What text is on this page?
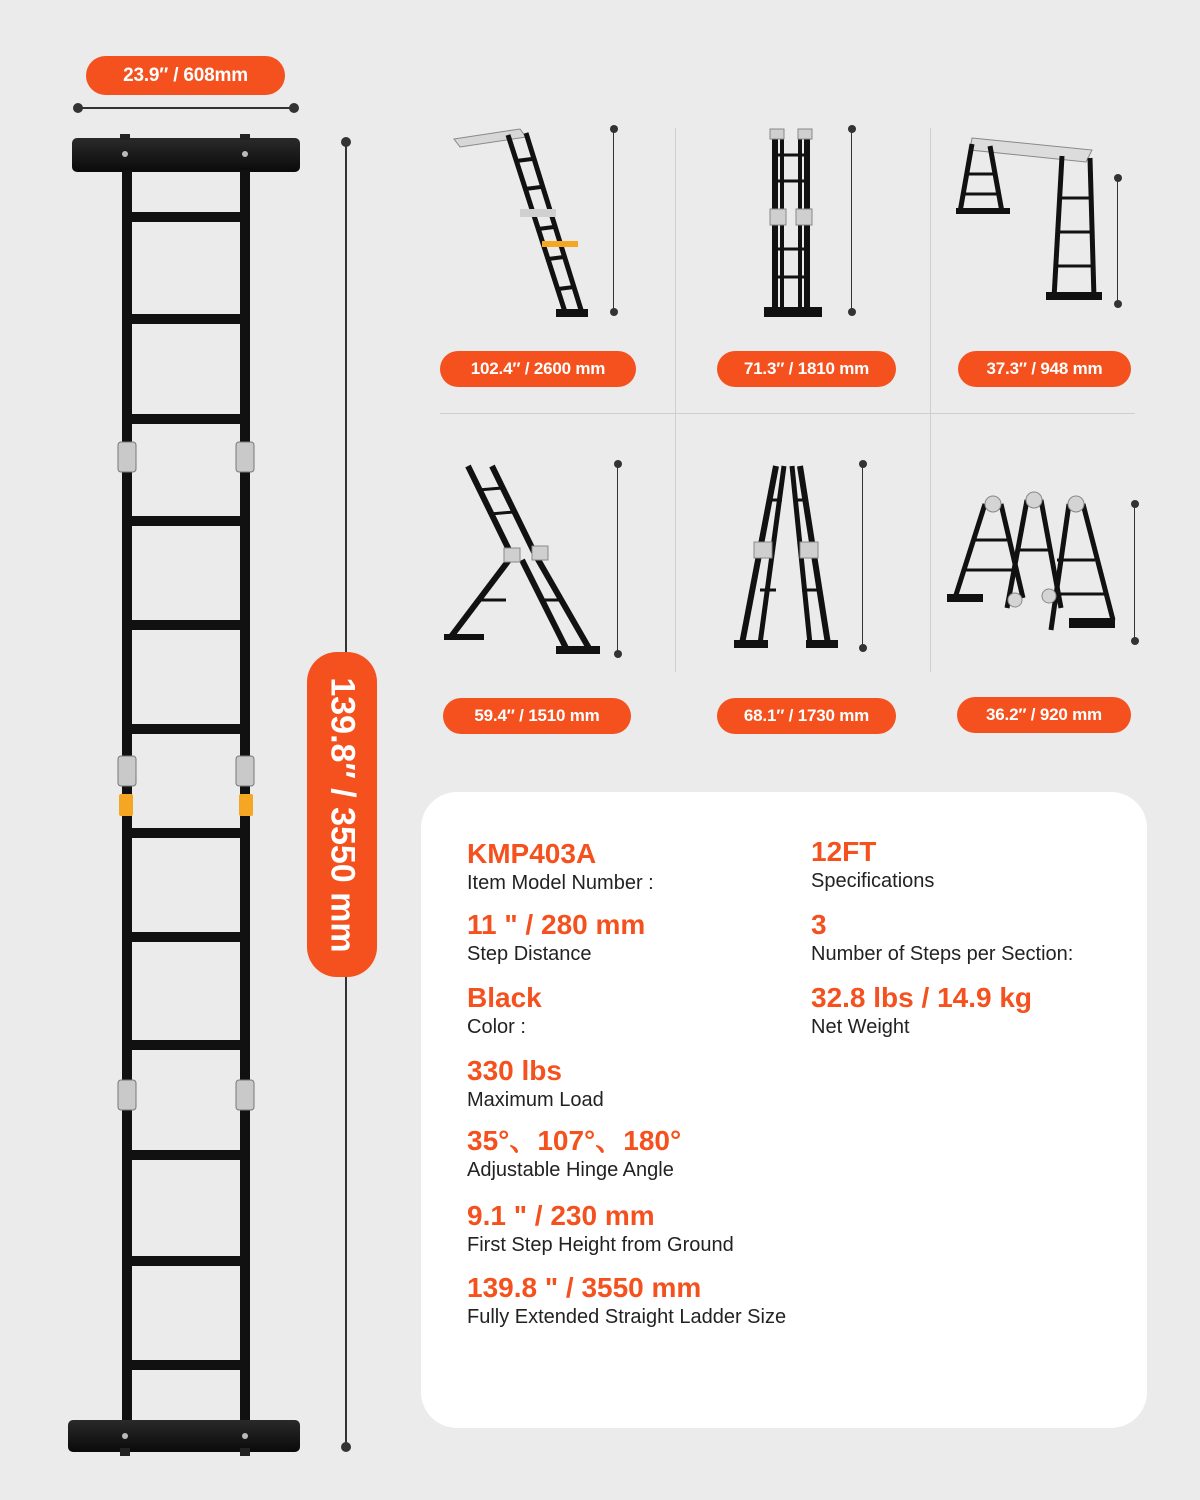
23.9″ / 608mm
139.8″ / 3550 mm
102.4″ / 2600 mm	71.3″ / 1810 mm	37.3″ / 948 mm
59.4″ / 1510 mm	68.1″ / 1730 mm	36.2″ / 920 mm
KMP403A
Item Model Number :
11 " / 280 mm
Step Distance
Black
Color :
330 lbs
Maximum Load
35°、107°、180°
Adjustable Hinge Angle
9.1 " / 230 mm
First Step Height from Ground
139.8 " / 3550 mm
Fully Extended Straight Ladder Size
12FT
Specifications
3
Number of Steps per Section:
32.8 lbs / 14.9 kg
Net Weight
